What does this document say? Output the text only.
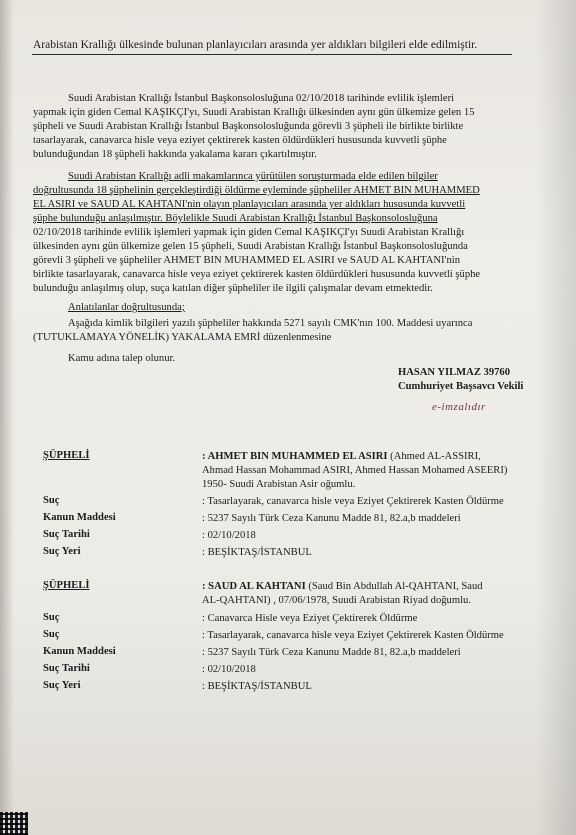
Arabistan Krallığı ülkesinde bulunan planlayıcıları arasında yer aldıkları bilgileri elde edilmiştir.
Suudi Arabistan Krallığı İstanbul Başkonsolosluğuna 02/10/2018 tarihinde evlilik işlemleri
yapmak için giden Cemal KAŞIKÇI'yı, Suudi Arabistan Krallığı ülkesinden aynı gün ülkemize gelen 15
şüpheli ve Suudi Arabistan Krallığı İstanbul Başkonsolosluğunda görevli 3 şüpheli ile birlikte birlikte
tasarlayarak, canavarca hisle veya eziyet çektirerek kasten öldürdükleri hususunda kuvvetli şüphe
bulunduğundan 18 şüpheli hakkında yakalama kararı çıkartılmıştır.
Suudi Arabistan Krallığı adli makamlarınca yürütülen soruşturmada elde edilen bilgiler
doğrultusunda 18 şüphelinin gerçekleştirdiği öldürme eyleminde şüpheliler AHMET BIN MUHAMMED
EL ASIRI ve SAUD AL KAHTANI'nin olayın planlayıcıları arasında yer aldıkları hususunda kuvvetli
şüphe bulunduğu anlaşılmıştır. Böylelikle Suudi Arabistan Krallığı İstanbul Başkonsolosluğuna
02/10/2018 tarihinde evlilik işlemleri yapmak için giden Cemal KAŞIKÇI'yı Suudi Arabistan Krallığı
ülkesinden aynı gün ülkemize gelen 15 şüpheli, Suudi Arabistan Krallığı İstanbul Başkonsolosluğunda
görevli 3 şüpheli ve şüpheliler AHMET BIN MUHAMMED EL ASIRI ve SAUD AL KAHTANI'nin
birlikte tasarlayarak, canavarca hisle veya eziyet çektirerek kasten öldürdükleri hususunda kuvvetli şüphe
bulunduğu anlaşılmış olup, suça katılan diğer şüpheliler ile ilgili çalışmalar devam etmektedir.
Anlatılanlar doğrultusunda;
Aşağıda kimlik bilgileri yazılı şüpheliler hakkında 5271 sayılı CMK'nın 100. Maddesi uyarınca
(TUTUKLAMAYA YÖNELİK) YAKALAMA EMRİ düzenlenmesine
Kamu adına talep olunur.
HASAN YILMAZ 39760
Cumhuriyet Başsavcı Vekili
e-imzalıdır
ŞÜPHELİ	: AHMET BIN MUHAMMED EL ASIRI (Ahmed AL-ASSIRI,
Ahmad Hassan Mohammad ASIRI, Ahmed Hassan Mohamed ASEERI)
1950- Suudi Arabistan Asir oğumlu.
Suç	: Tasarlayarak, canavarca hisle veya Eziyet Çektirerek Kasten Öldürme
Kanun Maddesi	: 5237 Sayılı Türk Ceza Kanunu Madde 81, 82.a,b maddeleri
Suç Tarihi	: 02/10/2018
Suç Yeri	: BEŞİKTAŞ/İSTANBUL
ŞÜPHELİ	: SAUD AL KAHTANI (Saud Bin Abdullah Al-QAHTANI, Saud
AL-QAHTANI) , 07/06/1978, Suudi Arabistan Riyad doğumlu.
Suç	: Canavarca Hisle veya Eziyet Çektirerek Öldürme
Suç	: Tasarlayarak, canavarca hisle veya Eziyet Çektirerek Kasten Öldürme
Kanun Maddesi	: 5237 Sayılı Türk Ceza Kanunu Madde 81, 82.a,b maddeleri
Suç Tarihi	: 02/10/2018
Suç Yeri	: BEŞİKTAŞ/İSTANBUL
